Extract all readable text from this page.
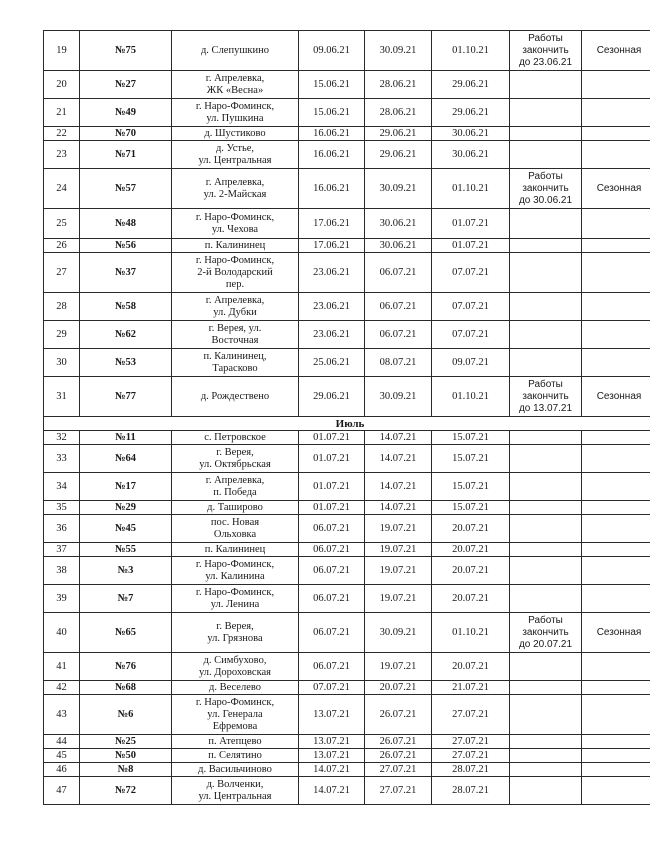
19	№75	д. Слепушкино	09.06.21	30.09.21	01.10.21	Работы
закончить
до 23.06.21	Сезонная
20	№27	г. Апрелевка,
ЖК «Весна»	15.06.21	28.06.21	29.06.21		
21	№49	г. Наро-Фоминск,
ул. Пушкина	15.06.21	28.06.21	29.06.21		
22	№70	д. Шустиково	16.06.21	29.06.21	30.06.21		
23	№71	д. Устье,
ул. Центральная	16.06.21	29.06.21	30.06.21		
24	№57	г. Апрелевка,
ул. 2-Майская	16.06.21	30.09.21	01.10.21	Работы
закончить
до 30.06.21	Сезонная
25	№48	г. Наро-Фоминск,
ул. Чехова	17.06.21	30.06.21	01.07.21		
26	№56	п. Калининец	17.06.21	30.06.21	01.07.21		
27	№37	г. Наро-Фоминск,
2-й Володарский
пер.	23.06.21	06.07.21	07.07.21		
28	№58	г. Апрелевка,
ул. Дубки	23.06.21	06.07.21	07.07.21		
29	№62	г. Верея, ул.
Восточная	23.06.21	06.07.21	07.07.21		
30	№53	п. Калининец,
Тарасково	25.06.21	08.07.21	09.07.21		
31	№77	д. Рождествено	29.06.21	30.09.21	01.10.21	Работы
закончить
до 13.07.21	Сезонная
Июль							
32	№11	с. Петровское	01.07.21	14.07.21	15.07.21		
33	№64	г. Верея,
ул. Октябрьская	01.07.21	14.07.21	15.07.21		
34	№17	г. Апрелевка,
п. Победа	01.07.21	14.07.21	15.07.21		
35	№29	д. Таширово	01.07.21	14.07.21	15.07.21		
36	№45	пос. Новая
Ольховка	06.07.21	19.07.21	20.07.21		
37	№55	п. Калининец	06.07.21	19.07.21	20.07.21		
38	№3	г. Наро-Фоминск,
ул. Калинина	06.07.21	19.07.21	20.07.21		
39	№7	г. Наро-Фоминск,
ул. Ленина	06.07.21	19.07.21	20.07.21		
40	№65	г. Верея,
ул. Грязнова	06.07.21	30.09.21	01.10.21	Работы
закончить
до 20.07.21	Сезонная
41	№76	д. Симбухово,
ул. Дороховская	06.07.21	19.07.21	20.07.21		
42	№68	д. Веселево	07.07.21	20.07.21	21.07.21		
43	№6	г. Наро-Фоминск,
ул. Генерала
Ефремова	13.07.21	26.07.21	27.07.21		
44	№25	п. Атепцево	13.07.21	26.07.21	27.07.21		
45	№50	п. Селятино	13.07.21	26.07.21	27.07.21		
46	№8	д. Васильчиново	14.07.21	27.07.21	28.07.21		
47	№72	д. Волченки,
ул. Центральная	14.07.21	27.07.21	28.07.21		
